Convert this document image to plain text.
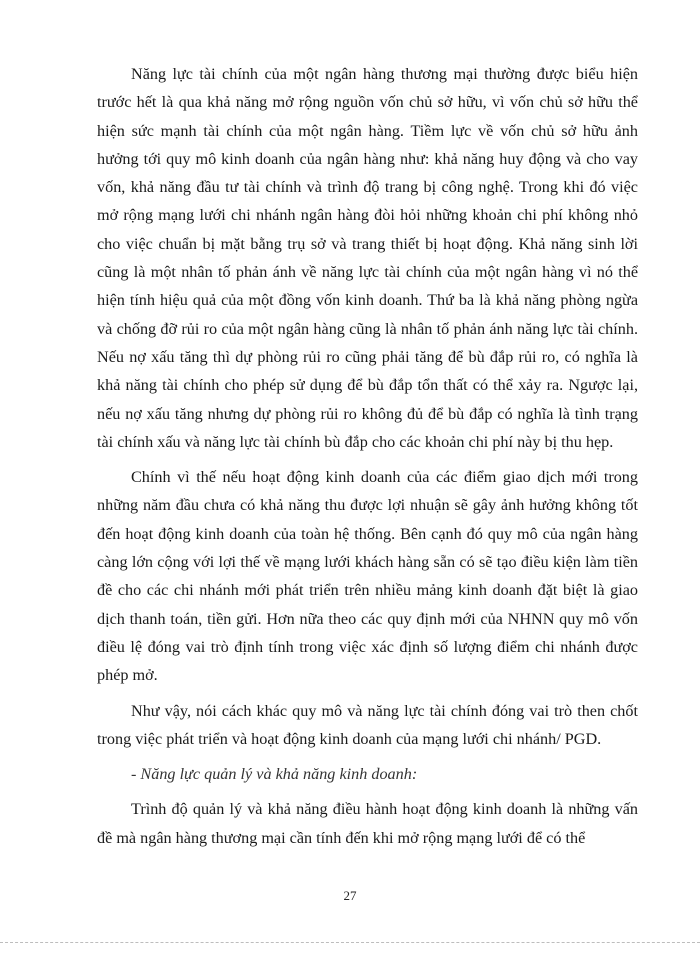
Năng lực tài chính của một ngân hàng thương mại thường được biểu hiện trước hết là qua khả năng mở rộng nguồn vốn chủ sở hữu, vì vốn chủ sở hữu thể hiện sức mạnh tài chính của một ngân hàng. Tiềm lực về vốn chủ sở hữu ảnh hưởng tới quy mô kinh doanh của ngân hàng như: khả năng huy động và cho vay vốn, khả năng đầu tư tài chính và trình độ trang bị công nghệ. Trong khi đó việc mở rộng mạng lưới chi nhánh ngân hàng đòi hỏi những khoản chi phí không nhỏ cho việc chuẩn bị mặt bằng trụ sở và trang thiết bị hoạt động. Khả năng sinh lời cũng là một nhân tố phản ánh về năng lực tài chính của một ngân hàng vì nó thể hiện tính hiệu quả của một đồng vốn kinh doanh. Thứ ba là khả năng phòng ngừa và chống đỡ rủi ro của một ngân hàng cũng là nhân tố phản ánh năng lực tài chính. Nếu nợ xấu tăng thì dự phòng rủi ro cũng phải tăng để bù đắp rủi ro, có nghĩa là khả năng tài chính cho phép sử dụng để bù đắp tổn thất có thể xảy ra. Ngược lại, nếu nợ xấu tăng nhưng dự phòng rủi ro không đủ để bù đắp có nghĩa là tình trạng tài chính xấu và năng lực tài chính bù đắp cho các khoản chi phí này bị thu hẹp.

Chính vì thế nếu hoạt động kinh doanh của các điểm giao dịch mới trong những năm đầu chưa có khả năng thu được lợi nhuận sẽ gây ảnh hưởng không tốt đến hoạt động kinh doanh của toàn hệ thống. Bên cạnh đó quy mô của ngân hàng càng lớn cộng với lợi thế về mạng lưới khách hàng sẵn có sẽ tạo điều kiện làm tiền đề cho các chi nhánh mới phát triển trên nhiều mảng kinh doanh đặt biệt là giao dịch thanh toán, tiền gửi. Hơn nữa theo các quy định mới của NHNN quy mô vốn điều lệ đóng vai trò định tính trong việc xác định số lượng điểm chi nhánh được phép mở.

Như vậy, nói cách khác quy mô và năng lực tài chính đóng vai trò then chốt trong việc phát triển và hoạt động kinh doanh của mạng lưới chi nhánh/ PGD.

- Năng lực quản lý và khả năng kinh doanh:

Trình độ quản lý và khả năng điều hành hoạt động kinh doanh là những vấn đề mà ngân hàng thương mại cần tính đến khi mở rộng mạng lưới để có thể

27
